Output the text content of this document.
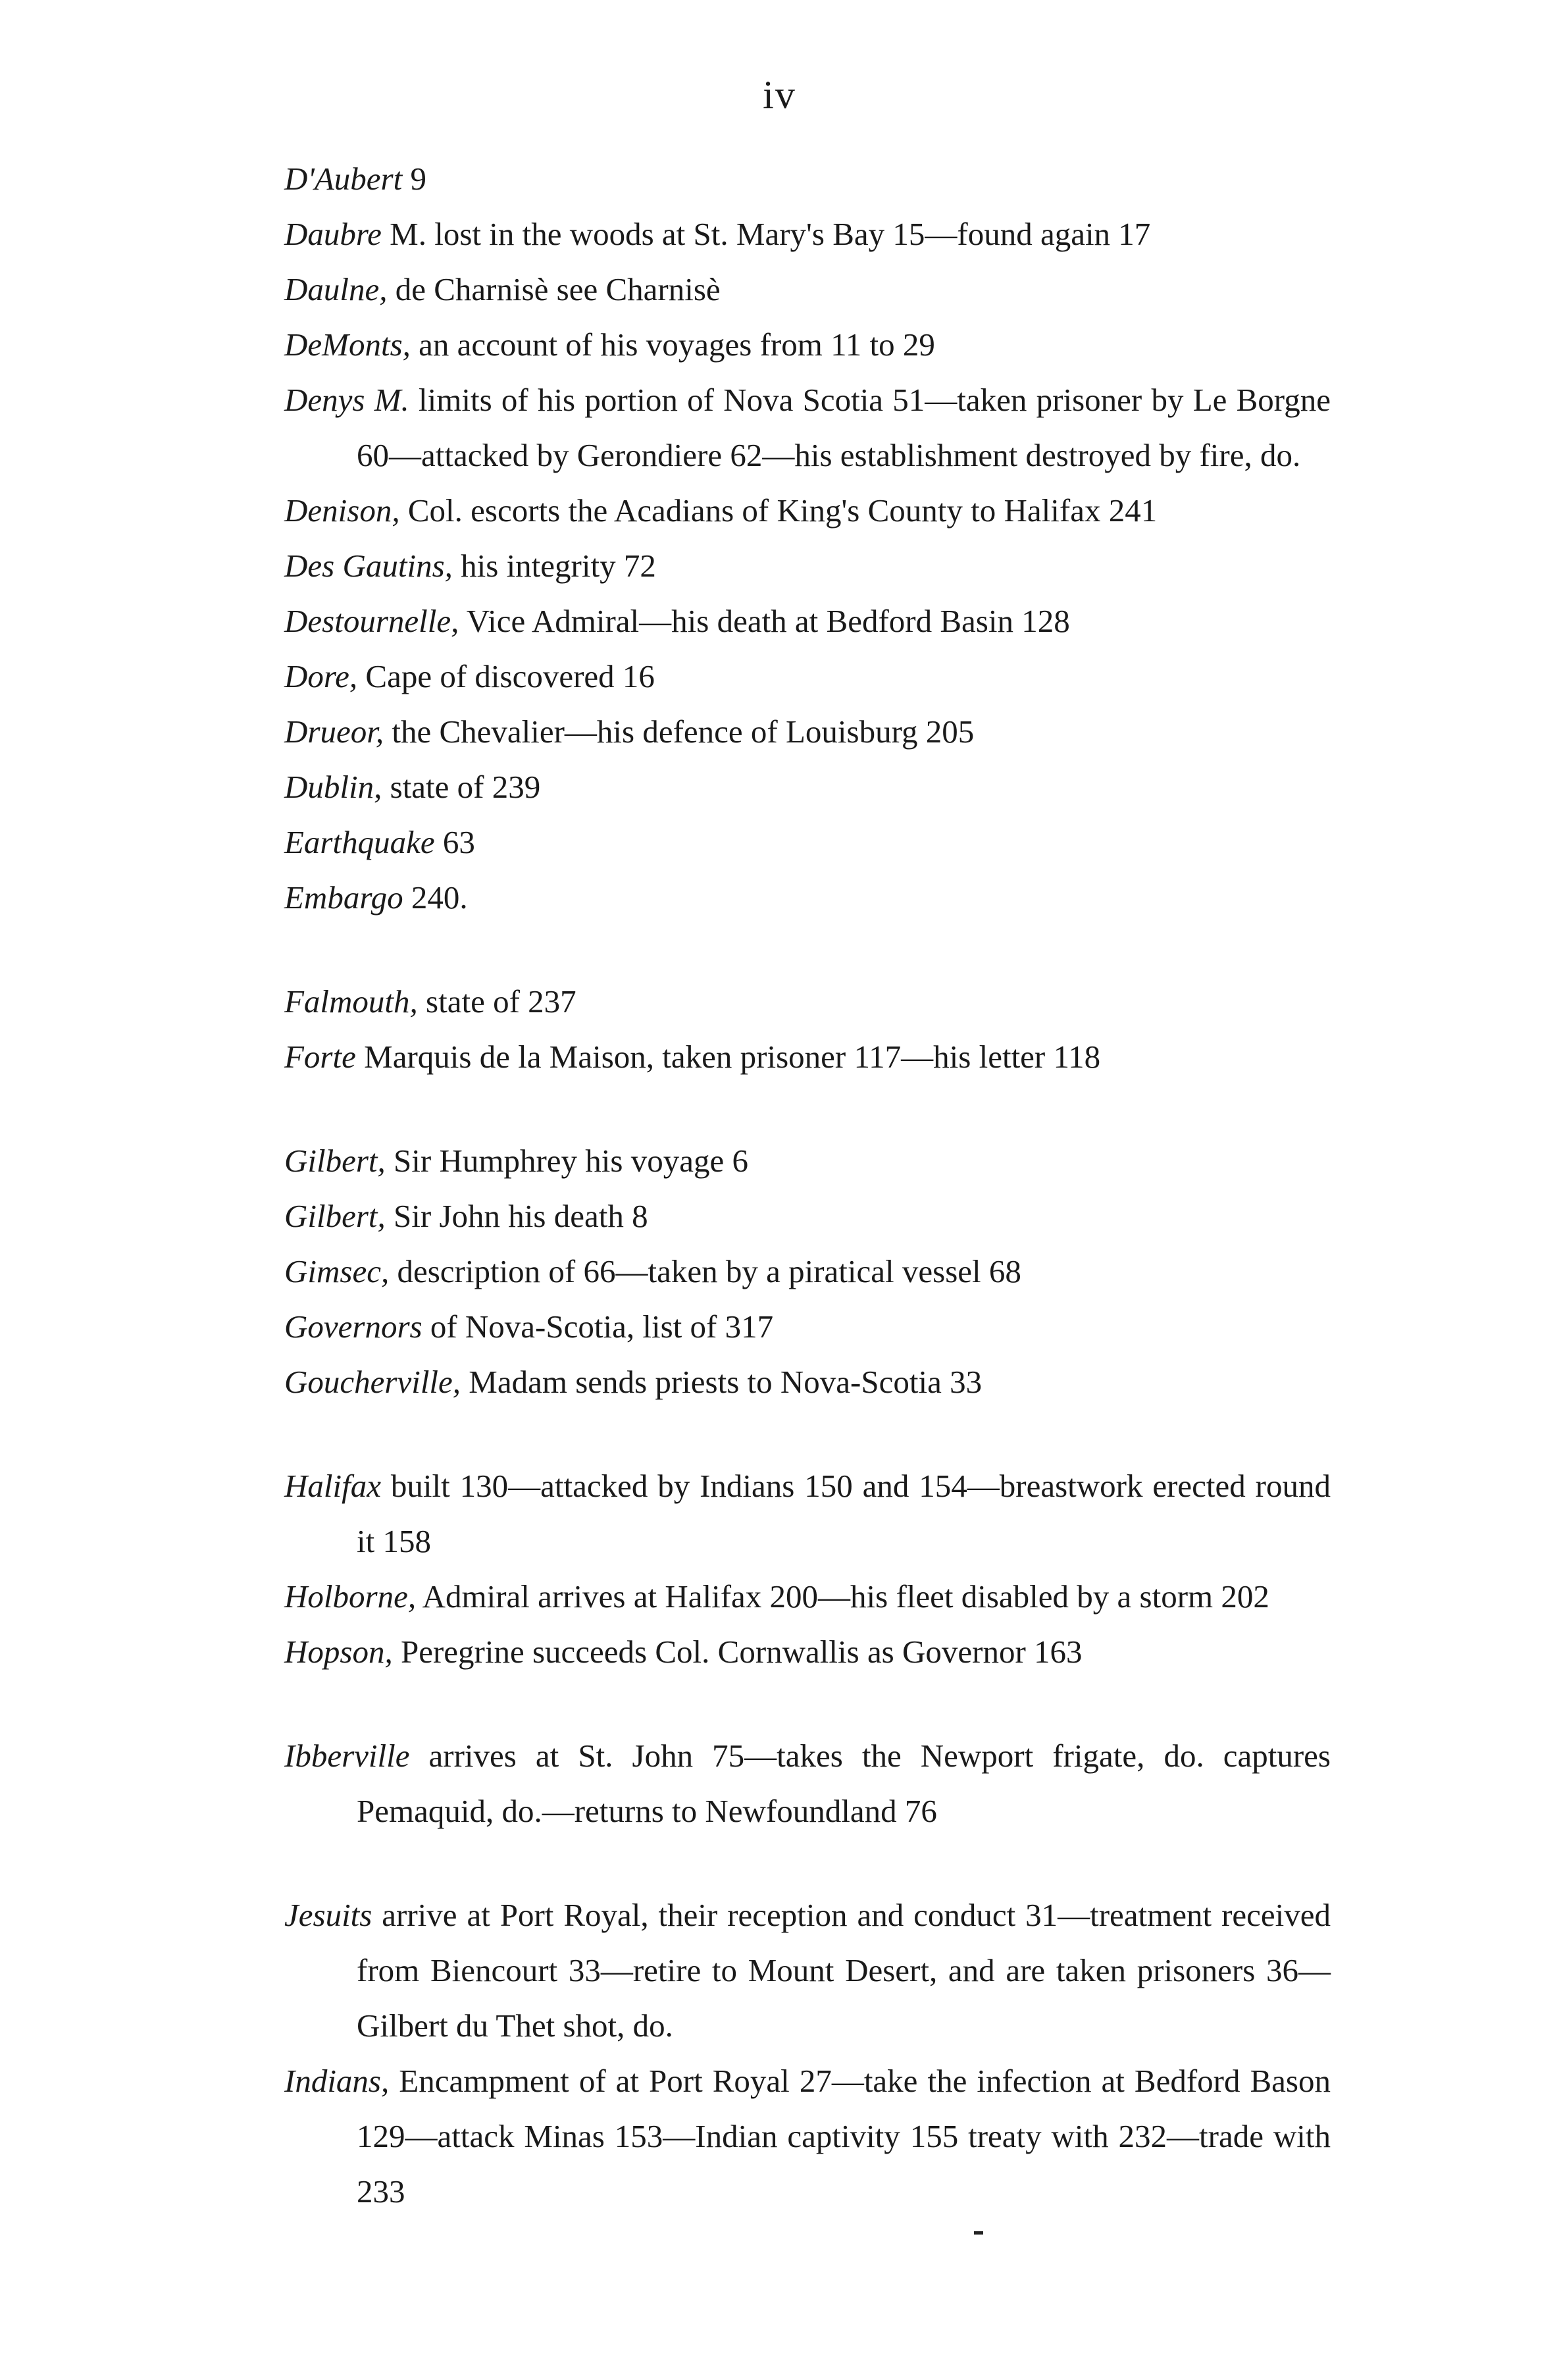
iv

D'Aubert 9

Daubre M. lost in the woods at St. Mary's Bay 15—found again 17

Daulne, de Charnisè see Charnisè

DeMonts, an account of his voyages from 11 to 29

Denys M. limits of his portion of Nova Scotia 51—taken prisoner by Le Borgne 60—attacked by Gerondiere 62—his establishment destroyed by fire, do.

Denison, Col. escorts the Acadians of King's County to Halifax 241

Des Gautins, his integrity 72

Destournelle, Vice Admiral—his death at Bedford Basin 128

Dore, Cape of discovered 16

Drueor, the Chevalier—his defence of Louisburg 205

Dublin, state of 239

Earthquake 63

Embargo 240.

Falmouth, state of 237

Forte Marquis de la Maison, taken prisoner 117—his letter 118

Gilbert, Sir Humphrey his voyage 6

Gilbert, Sir John his death 8

Gimsec, description of 66—taken by a piratical vessel 68

Governors of Nova-Scotia, list of 317

Goucherville, Madam sends priests to Nova-Scotia 33

Halifax built 130—attacked by Indians 150 and 154—breastwork erected round it 158

Holborne, Admiral arrives at Halifax 200—his fleet disabled by a storm 202

Hopson, Peregrine succeeds Col. Cornwallis as Governor 163

Ibberville arrives at St. John 75—takes the Newport frigate, do. captures Pemaquid, do.—returns to Newfoundland 76

Jesuits arrive at Port Royal, their reception and conduct 31—treatment received from Biencourt 33—retire to Mount Desert, and are taken prisoners 36—Gilbert du Thet shot, do.

Indians, Encampment of at Port Royal 27—take the infection at Bedford Bason 129—attack Minas 153—Indian captivity 155 treaty with 232—trade with 233
